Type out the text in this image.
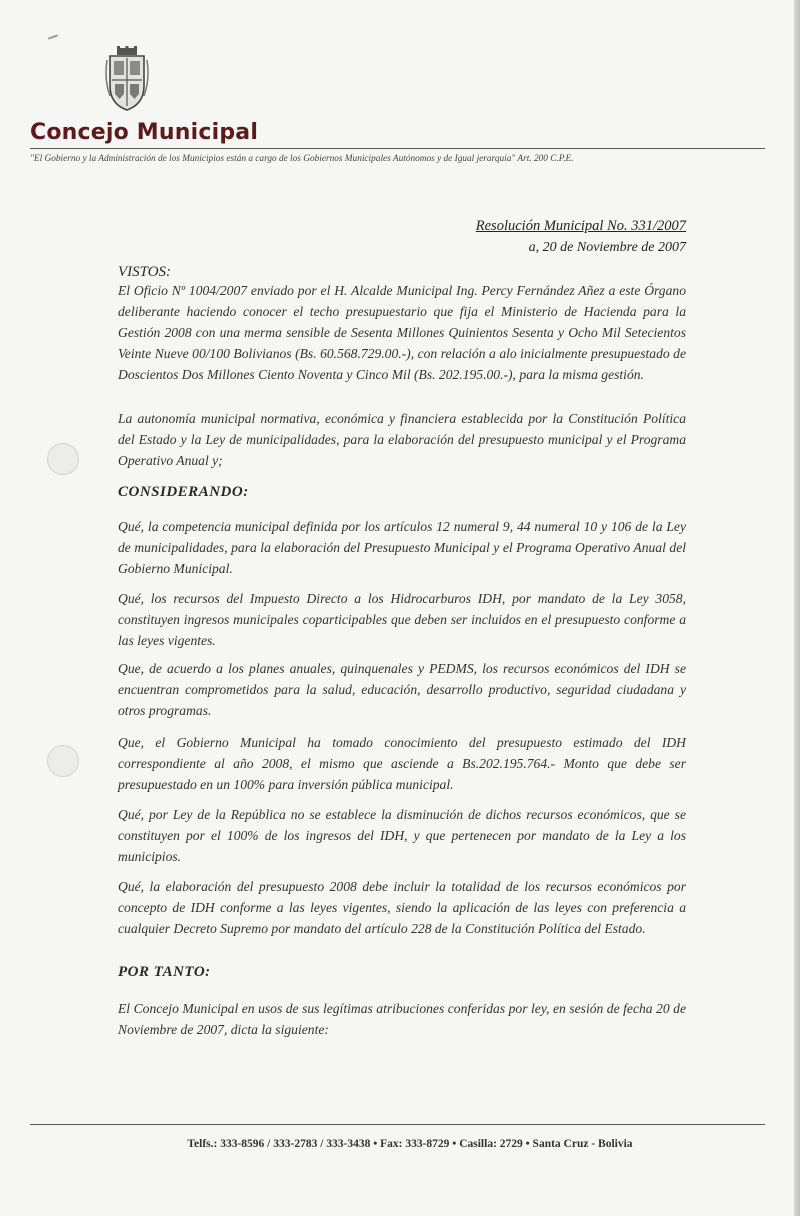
Concejo Municipal
"El Gobierno y la Administración de los Municipios están a cargo de los Gobiernos Municipales Autónomos y de Igual jerarquía" Art. 200 C.P.E.
Resolución Municipal No. 331/2007
a, 20 de Noviembre de 2007
VISTOS:
El Oficio Nº 1004/2007 enviado por el H. Alcalde Municipal Ing. Percy Fernández Añez a este Órgano deliberante haciendo conocer el techo presupuestario que fija el Ministerio de Hacienda para la Gestión 2008 con una merma sensible de Sesenta Millones Quinientos Sesenta y Ocho Mil Setecientos Veinte Nueve 00/100 Bolivianos (Bs. 60.568.729.00.-), con relación a alo inicialmente presupuestado de Doscientos Dos Millones Ciento Noventa y Cinco Mil (Bs. 202.195.00.-), para la misma gestión.
La autonomía municipal normativa, económica y financiera establecida por la Constitución Política del Estado y la Ley de municipalidades, para la elaboración del presupuesto municipal y el Programa Operativo Anual y;
CONSIDERANDO:
Qué, la competencia municipal definida por los artículos 12 numeral 9, 44 numeral 10 y 106 de la Ley de municipalidades, para la elaboración del Presupuesto Municipal y el Programa Operativo Anual del Gobierno Municipal.
Qué, los recursos del Impuesto Directo a los Hidrocarburos IDH, por mandato de la Ley 3058, constituyen ingresos municipales coparticipables que deben ser incluidos en el presupuesto conforme a las leyes vigentes.
Que, de acuerdo a los planes anuales, quinquenales y PEDMS, los recursos económicos del IDH se encuentran comprometidos para la salud, educación, desarrollo productivo, seguridad ciudadana y otros programas.
Que, el Gobierno Municipal ha tomado conocimiento del presupuesto estimado del IDH correspondiente al año 2008, el mismo que asciende a Bs.202.195.764.- Monto que debe ser presupuestado en un 100% para inversión pública municipal.
Qué, por Ley de la República no se establece la disminución de dichos recursos económicos, que se constituyen por el 100% de los ingresos del IDH, y que pertenecen por mandato de la Ley a los municipios.
Qué, la elaboración del presupuesto 2008 debe incluir la totalidad de los recursos económicos por concepto de IDH conforme a las leyes vigentes, siendo la aplicación de las leyes con preferencia a cualquier Decreto Supremo por mandato del artículo 228 de la Constitución Política del Estado.
POR TANTO:
El Concejo Municipal en usos de sus legítimas atribuciones conferidas por ley, en sesión de fecha 20 de Noviembre de 2007, dicta la siguiente:
Telfs.: 333-8596 / 333-2783 / 333-3438 • Fax: 333-8729 • Casilla: 2729 • Santa Cruz - Bolivia
